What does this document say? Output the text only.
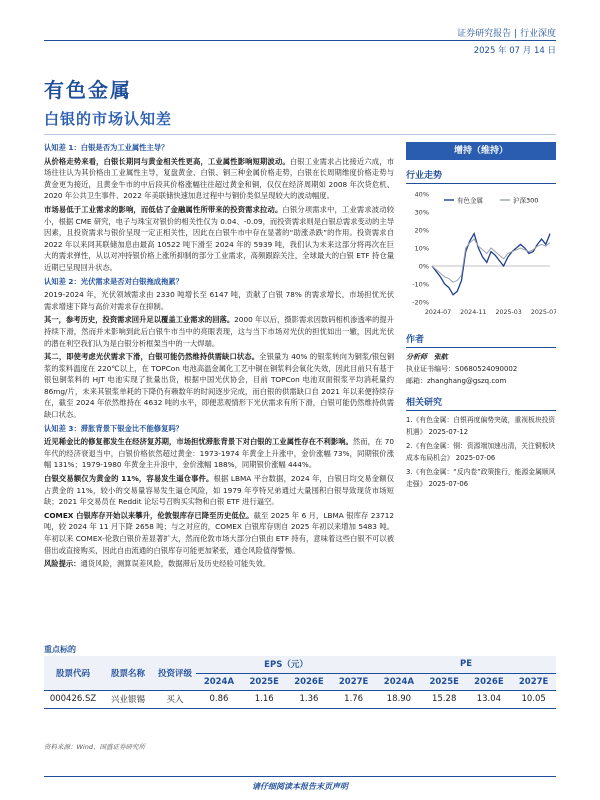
证券研究报告 | 行业深度
2025 年 07 月 14 日
有色金属
白银的市场认知差

认知差 1：白银是否为工业属性主导？

从价格走势来看，白银长期同与黄金相关性更高，工业属性影响短期波动。白银工业需求占比接近六成，市场往往认为其价格由工业属性主导，复盘黄金、白银、铜三种金属价格走势，白银在长周期维度价格走势与黄金更为接近，且黄金牛市的中后段其价格涨幅往往超过黄金和铜，仅仅在经济周期如 2008 年次贷危机、2020 年公共卫生事件、2022 年美联储快速加息过程中与铜价类似呈现较大的波动幅度。

市场易低于工业需求的影响，而低估了金融属性所带来的投资需求拉动。白银分项需求中，工业需求波动较小，根据 CME 研究，电子与珠宝对银价的相关性仅为 0.04、-0.09，而投资需求则是白银总需求变动的主导因素，且投资需求与银价呈现一定正相关性，因此在白银牛市中存在显著的“助涨杀跌”的作用。投资需求自 2022 年以来同其联储加息由最高 10522 吨下滑至 2024 年的 5939 吨，我们认为未来这部分将再次在巨大的需求弹性，从以对冲持银价格上涨所抑制的部分工业需求，高频跟踪关注，全球最大的白银 ETF 持仓量近期已呈现回升状态。

认知差 2：光伏需求是否对白银拖成拖累？

2019-2024 年，光伏领域需求由 2330 吨增长至 6147 吨，贡献了白银 78% 的需求增长，市场担忧光伏需求增速下降与高价对需求存在抑制。

其一，参考历史，投资需求回升足以覆盖工业需求的回落。2000 年以后，摄影需求因数码相机渗透率的提升持续下滑，然而并未影响到此后白银牛市当中的亮眼表现，这与当下市场对光伏的担忧如出一辙，因此光伏的潜在利空我们认为是白银分析框架当中的一大焊端。

其二，即使考虑光伏需求下滑，白银可能仍然维持供需缺口状态。全银量为 40% 的银浆转向为铜浆/银包铜浆的浆料温度在 220℃以上，在 TOPCon 电池高温金属化工艺中铜在铜浆料会氧化失效，因此目前只有基于银包铜浆料的 HJT 电池实现了批量出货，根据中国光伏协会，目前 TOPCon 电池双面银浆平均消耗量约 86mg/片，未来其银浆单耗的下降仍有赖数年的时间逐步完成，而白银的供需缺口自 2021 年以来便持续存在，截至 2024 年依然维持在 4632 吨的水平，即便悲观情形下光伏需求有所下滑，白银可能仍然维持供需缺口状态。

认知差 3：滞胀背景下银金比不能修复吗？

近见稀金比的修复都发生在经济复苏期，市场担忧滞胀背景下对白银的工业属性存在不利影响。然而，在 70 年代的经济衰退当中，白银价格依然超过黄金：1973-1974 年黄金上升涨中，金价涨幅 73%，同期银价涨幅 131%；1979-1980 年黄金主升浪中，金价涨幅 188%，同期银价涨幅 444%。

白银交易额仅为黄金的 11%，容易发生逼仓事件。根据 LBMA 平台数据，2024 年，白银日均交易金额仅占黄金的 11%，较小的交易量容易发生逼仓风险，如 1979 年亨特兄弟通过大量囤积白银导致现货市场短缺；2021 年交易员在 Reddit 论坛号召购买实物和白银 ETF 进行逼空。

COMEX 白银库存开始以来攀升，伦敦银库存已降至历史低位。截至 2025 年 6 月，LBMA 银库存 23712 吨，较 2024 年 11 月下降 2658 吨；与之对应的，COMEX 白银库存则自 2025 年初以来增加 5483 吨。年初以来 COMEX-伦敦白银价差显著扩大，然而伦敦市场大部分白银由 ETF 持有，意味着这些白银不可以被借出或直接购买，因此自由流通的白银库存可能更加紧张，通仓风险值得警惕。

风险提示：通货风险，测算误差风险，数据滞后及历史经验可能失效。

增持（维持）
行业走势
-20%
-10%
0%
10%
20%
30%
40%
2024-07 2024-11 2025-03 2025-07
有色金属	沪深300
作者
分析师 张航
执业证书编号：S0680524090002
邮箱：zhanghang@gszq.com
相关研究
1.《有色金属：白银再度偏势突破，重视板块投资机遇》 2025-07-12
2.《有色金属：铜：资源端加速出清，关注铜板块成本布局机会》 2025-07-06
3.《有色金属：“反内卷”政策推行，能源金属顺风走强》 2025-07-06
重点标的
股票代码	股票名称	投资评级	EPS（元）				PE			
			2024A	2025E	2026E	2027E	2024A	2025E	2026E	2027E
000426.SZ	兴业银锡	买入	0.86	1.16	1.36	1.76	18.90	15.28	13.04	10.05
资料来源：Wind、国盛证券研究所
请仔细阅读本报告末页声明
